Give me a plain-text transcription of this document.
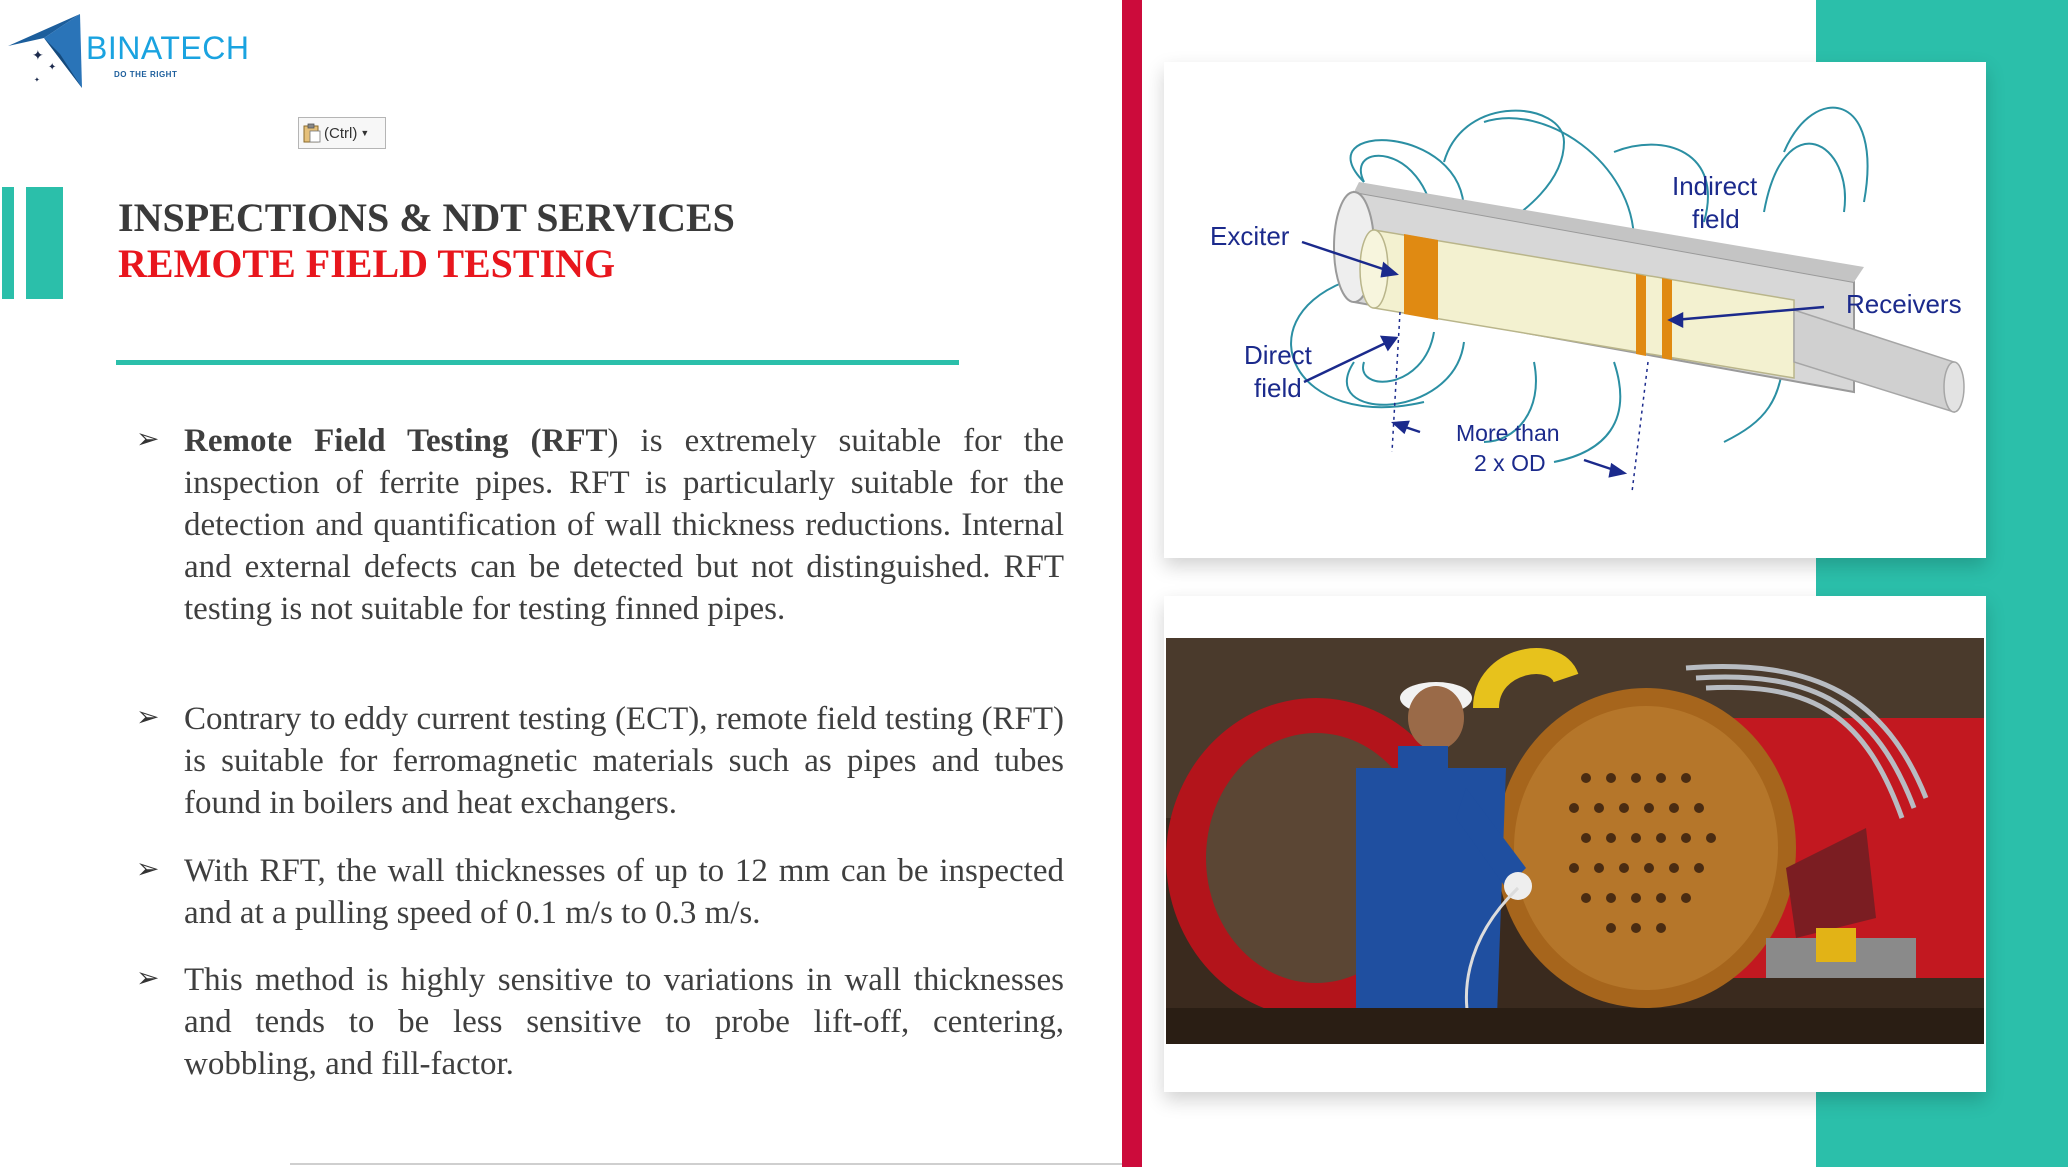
✦
✦
✦
BINATECH
DO THE RIGHT
(Ctrl) ▼
INSPECTIONS & NDT SERVICES
REMOTE FIELD TESTING
➢ Remote Field Testing (RFT) is extremely suitable for the inspection of ferrite pipes. RFT is particularly suitable for the detection and quantification of wall thickness reductions. Internal and external defects can be detected but not distinguished. RFT testing is not suitable for testing finned pipes.
➢ Contrary to eddy current testing (ECT), remote field testing (RFT) is suitable for ferromagnetic materials such as pipes and tubes found in boilers and heat exchangers.
➢ With RFT, the wall thicknesses of up to 12 mm can be inspected and at a pulling speed of 0.1 m/s to 0.3 m/s.
➢ This method is highly sensitive to variations in wall thicknesses and tends to be less sensitive to probe lift-off, centering, wobbling, and fill-factor.
Exciter
Direct
field
Indirect
field
Receivers
More than
2 x OD
